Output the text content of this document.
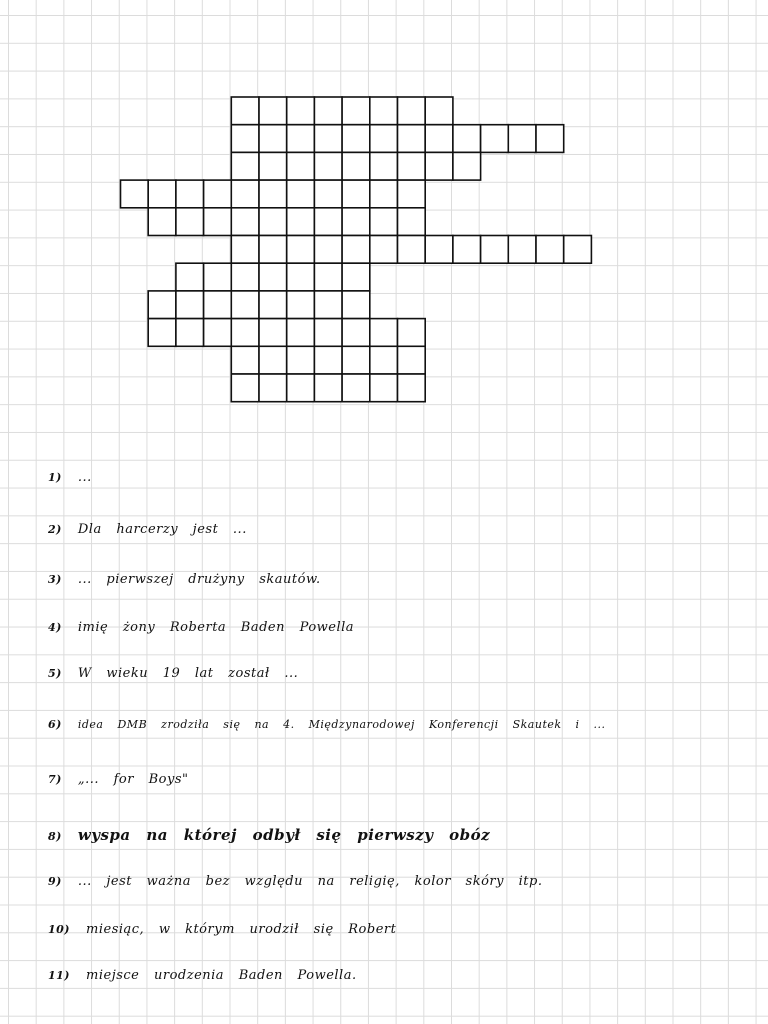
1) ...
2) Dla harcerzy jest ...
3) ... pierwszej drużyny skautów.
4) imię żony Roberta Baden Powella
5) W wieku 19 lat został ...
6) idea DMB zrodziła się na 4. Międzynarodowej Konferencji Skautek i ...
7) „... for Boys"
8) wyspa na której odbył się pierwszy obóz
9) ... jest ważna bez względu na religię, kolor skóry itp.
10) miesiąc, w którym urodził się Robert
11) miejsce urodzenia Baden Powella.
